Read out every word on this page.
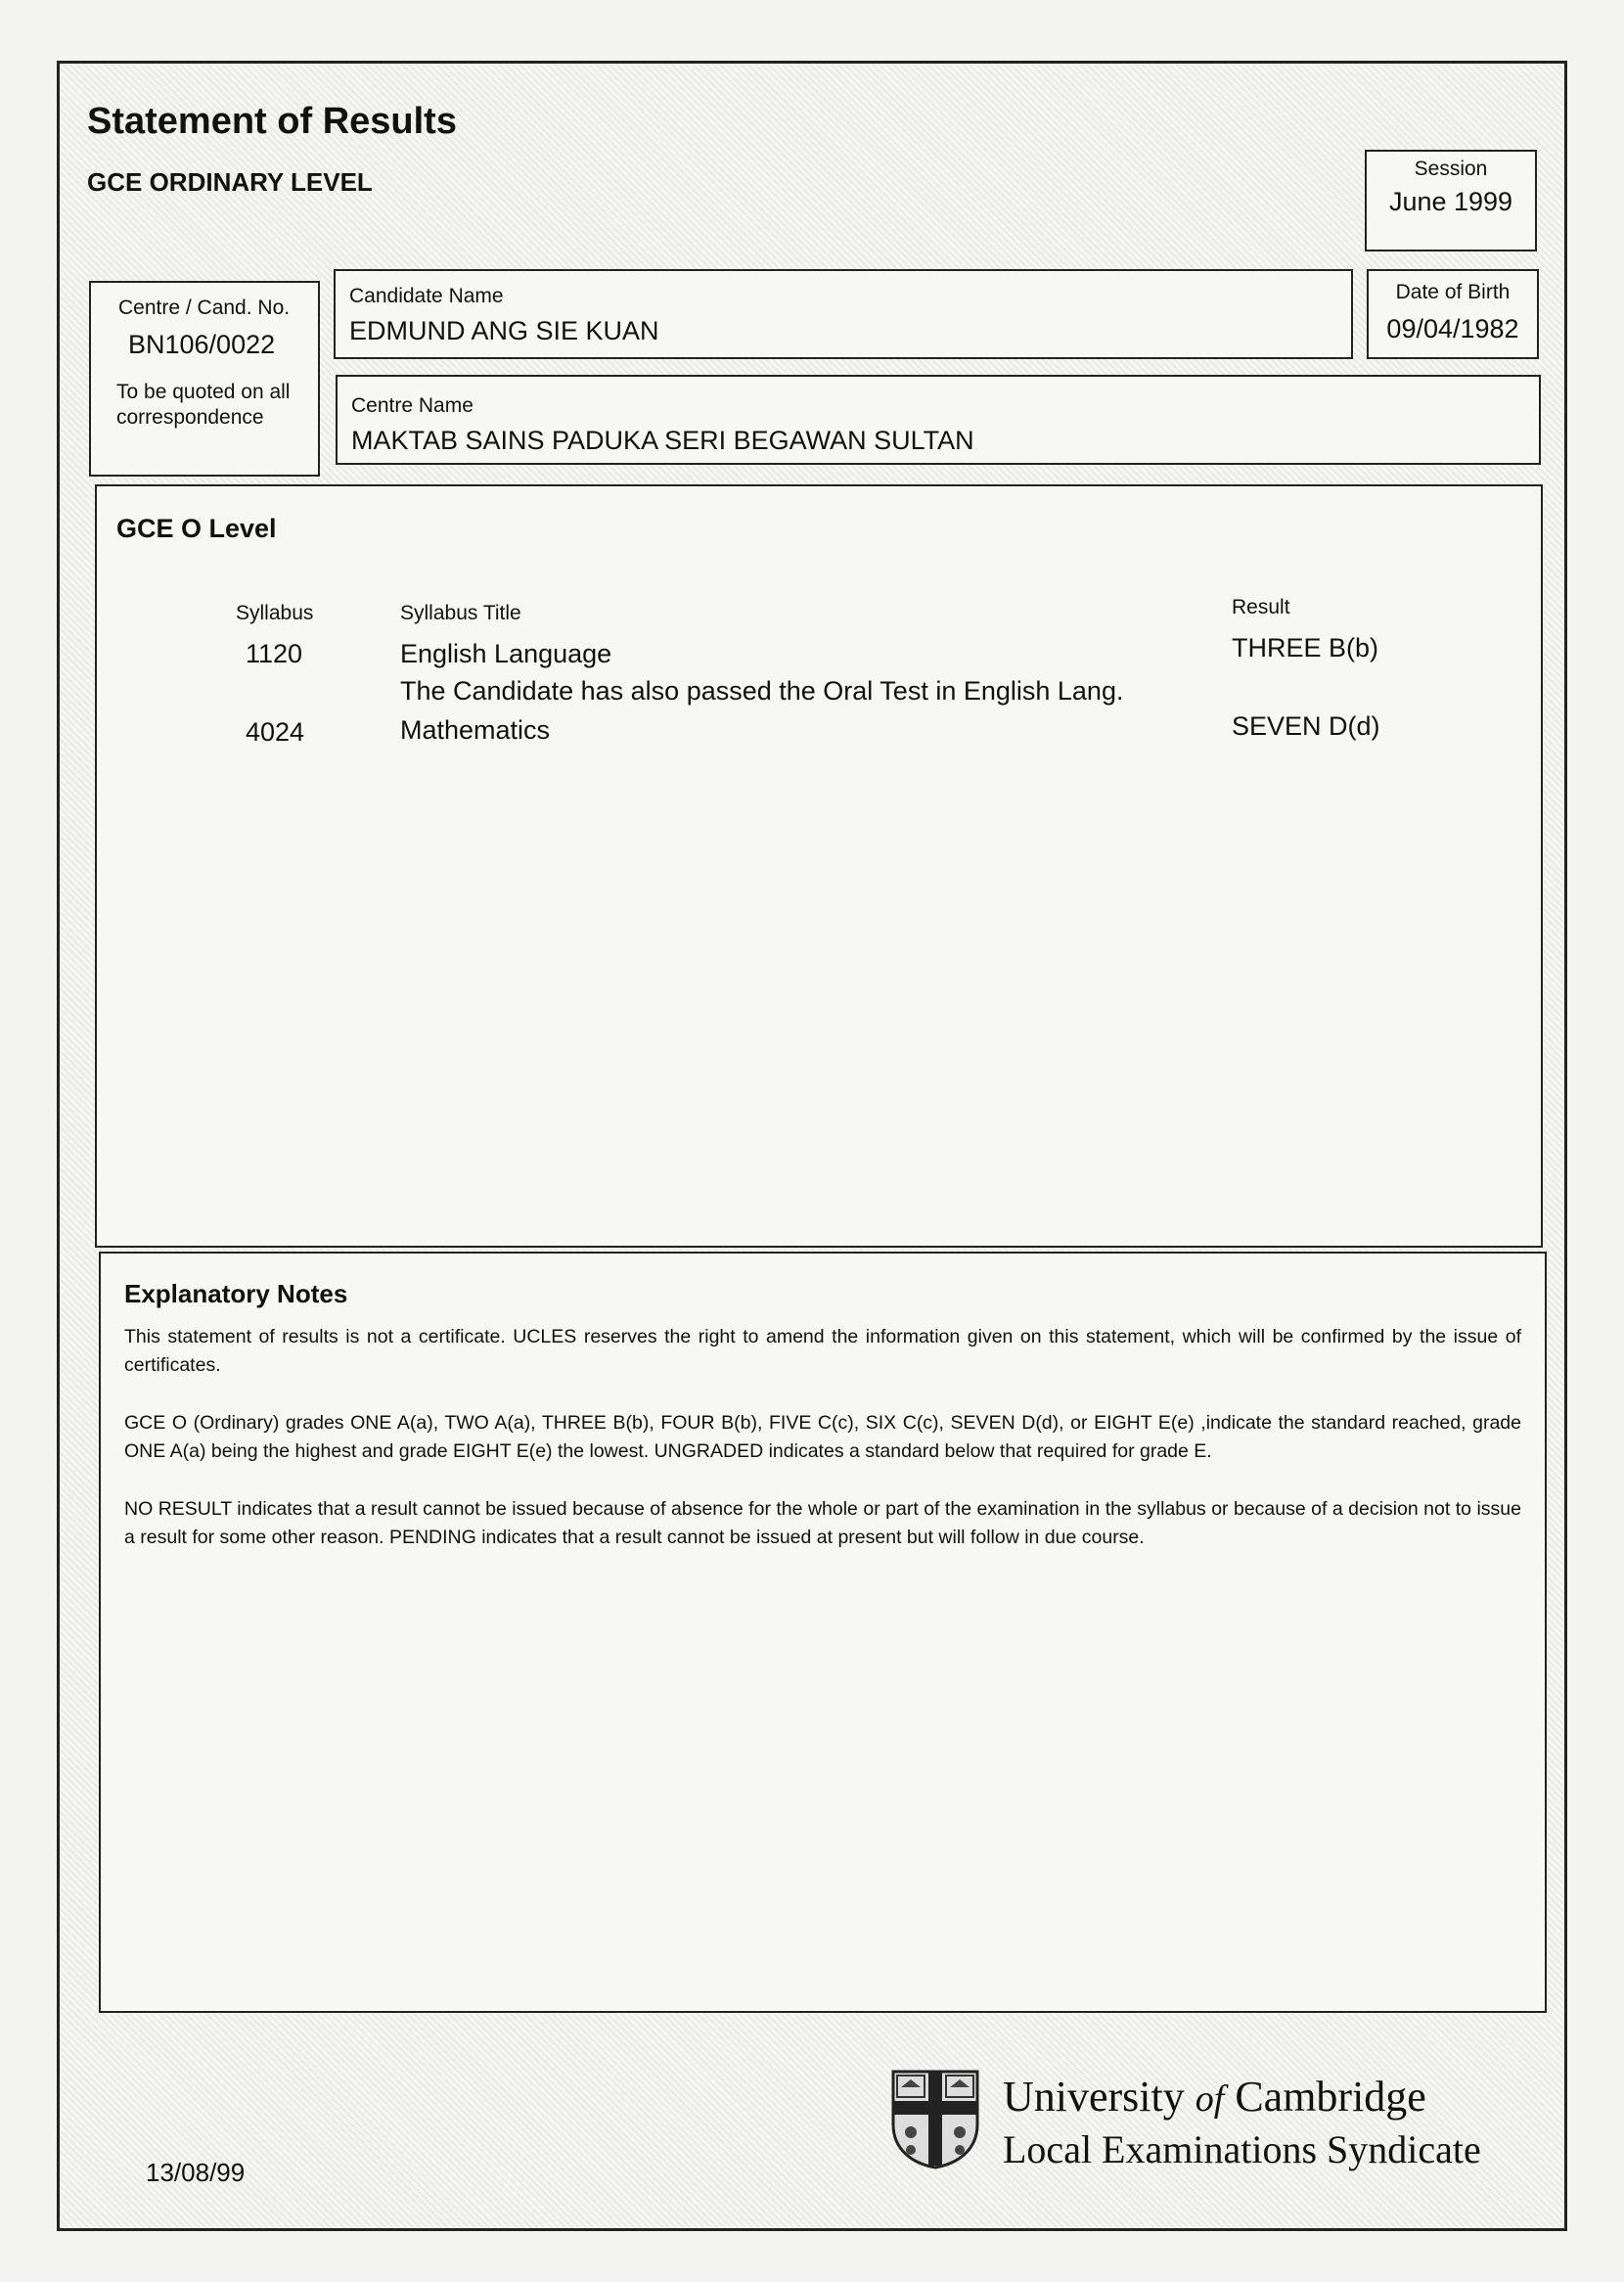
Statement of Results
GCE ORDINARY LEVEL	Session
June 1999
Centre / Cand. No.
BN106/0022
To be quoted on all
correspondence
Candidate Name
EDMUND ANG SIE KUAN
Date of Birth
09/04/1982
Centre Name
MAKTAB SAINS PADUKA SERI BEGAWAN SULTAN
GCE O Level
Syllabus	Syllabus Title	Result
1120	English Language	THREE B(b)
The Candidate has also passed the Oral Test in English Lang.
4024	Mathematics	SEVEN D(d)
Explanatory Notes

This statement of results is not a certificate. UCLES reserves the right to amend the information given on this statement, which will be confirmed by the issue of certificates.

GCE O (Ordinary) grades ONE A(a), TWO A(a), THREE B(b), FOUR B(b), FIVE C(c), SIX C(c), SEVEN D(d), or EIGHT E(e) ,indicate the standard reached, grade ONE A(a) being the highest and grade EIGHT E(e) the lowest. UNGRADED indicates a standard below that required for grade E.

NO RESULT indicates that a result cannot be issued because of absence for the whole or part of the examination in the syllabus or because of a decision not to issue a result for some other reason. PENDING indicates that a result cannot be issued at present but will follow in due course.

13/08/99
University of Cambridge
Local Examinations Syndicate
